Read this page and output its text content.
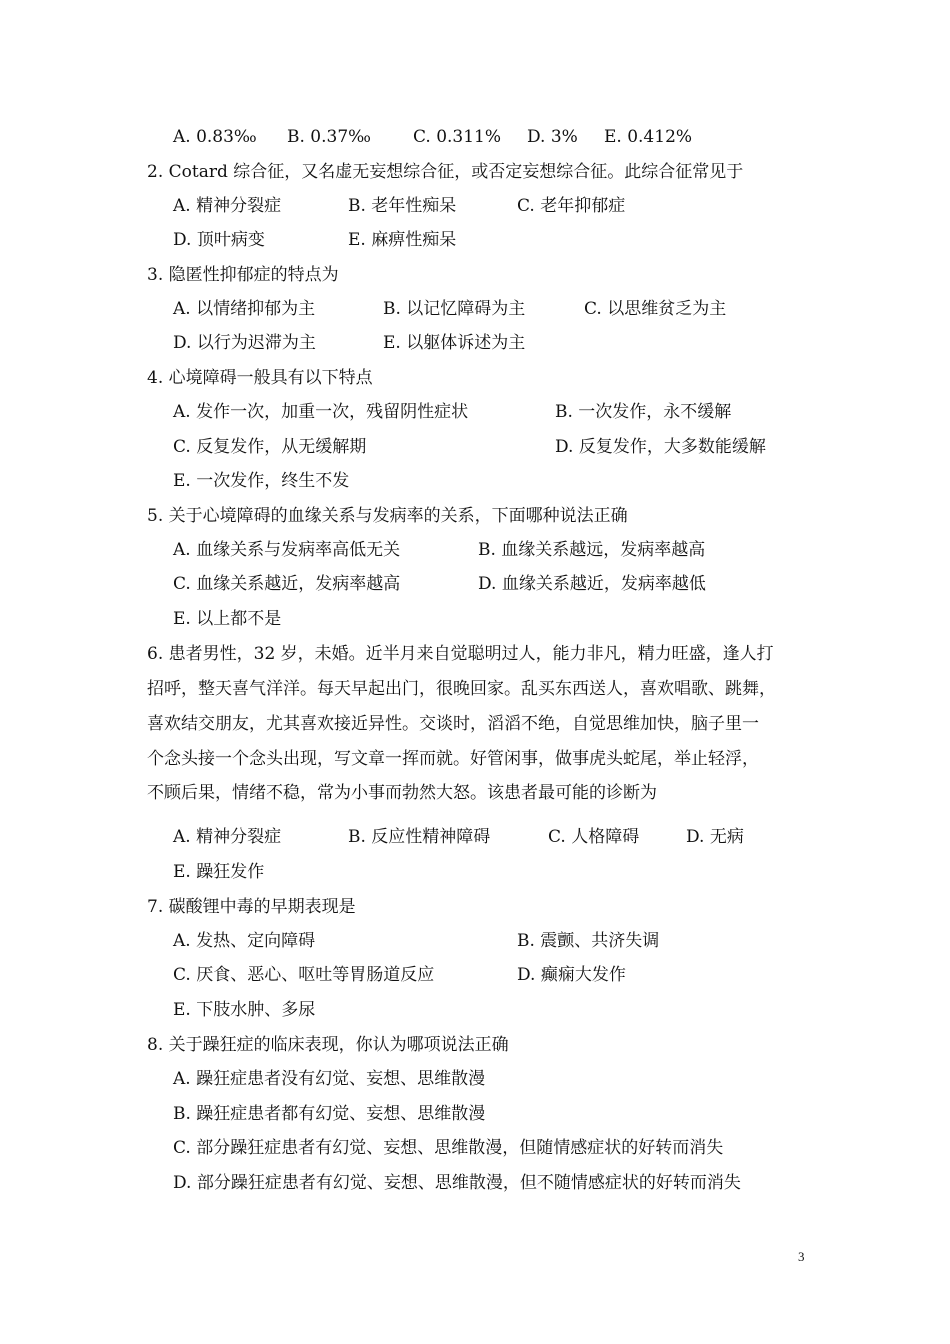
A. 0.83‰ B. 0.37‰ C. 0.311% D. 3% E. 0.412%
2. Cotard 综合征，又名虚无妄想综合征，或否定妄想综合征。此综合征常见于
A. 精神分裂症	B. 老年性痴呆	C. 老年抑郁症
D. 顶叶病变	E. 麻痹性痴呆
3. 隐匿性抑郁症的特点为
A. 以情绪抑郁为主	B. 以记忆障碍为主	C. 以思维贫乏为主
D. 以行为迟滞为主	E. 以躯体诉述为主
4. 心境障碍一般具有以下特点
A. 发作一次，加重一次，残留阴性症状	B. 一次发作，永不缓解
C. 反复发作，从无缓解期	D. 反复发作，大多数能缓解
E. 一次发作，终生不发
5. 关于心境障碍的血缘关系与发病率的关系，下面哪种说法正确
A. 血缘关系与发病率高低无关	B. 血缘关系越远，发病率越高
C. 血缘关系越近，发病率越高	D. 血缘关系越近，发病率越低
E. 以上都不是
6. 患者男性，32 岁，未婚。近半月来自觉聪明过人，能力非凡，精力旺盛，逢人打
招呼，整天喜气洋洋。每天早起出门，很晚回家。乱买东西送人，喜欢唱歌、跳舞，
喜欢结交朋友，尤其喜欢接近异性。交谈时，滔滔不绝，自觉思维加快，脑子里一
个念头接一个念头出现，写文章一挥而就。好管闲事，做事虎头蛇尾，举止轻浮，
不顾后果，情绪不稳，常为小事而勃然大怒。该患者最可能的诊断为
A. 精神分裂症	B. 反应性精神障碍	C. 人格障碍	D. 无病
E. 躁狂发作
7. 碳酸锂中毒的早期表现是
A. 发热、定向障碍	B. 震颤、共济失调
C. 厌食、恶心、呕吐等胃肠道反应	D. 癫痫大发作
E. 下肢水肿、多尿
8. 关于躁狂症的临床表现，你认为哪项说法正确
A. 躁狂症患者没有幻觉、妄想、思维散漫
B. 躁狂症患者都有幻觉、妄想、思维散漫
C. 部分躁狂症患者有幻觉、妄想、思维散漫，但随情感症状的好转而消失
D. 部分躁狂症患者有幻觉、妄想、思维散漫，但不随情感症状的好转而消失
3
